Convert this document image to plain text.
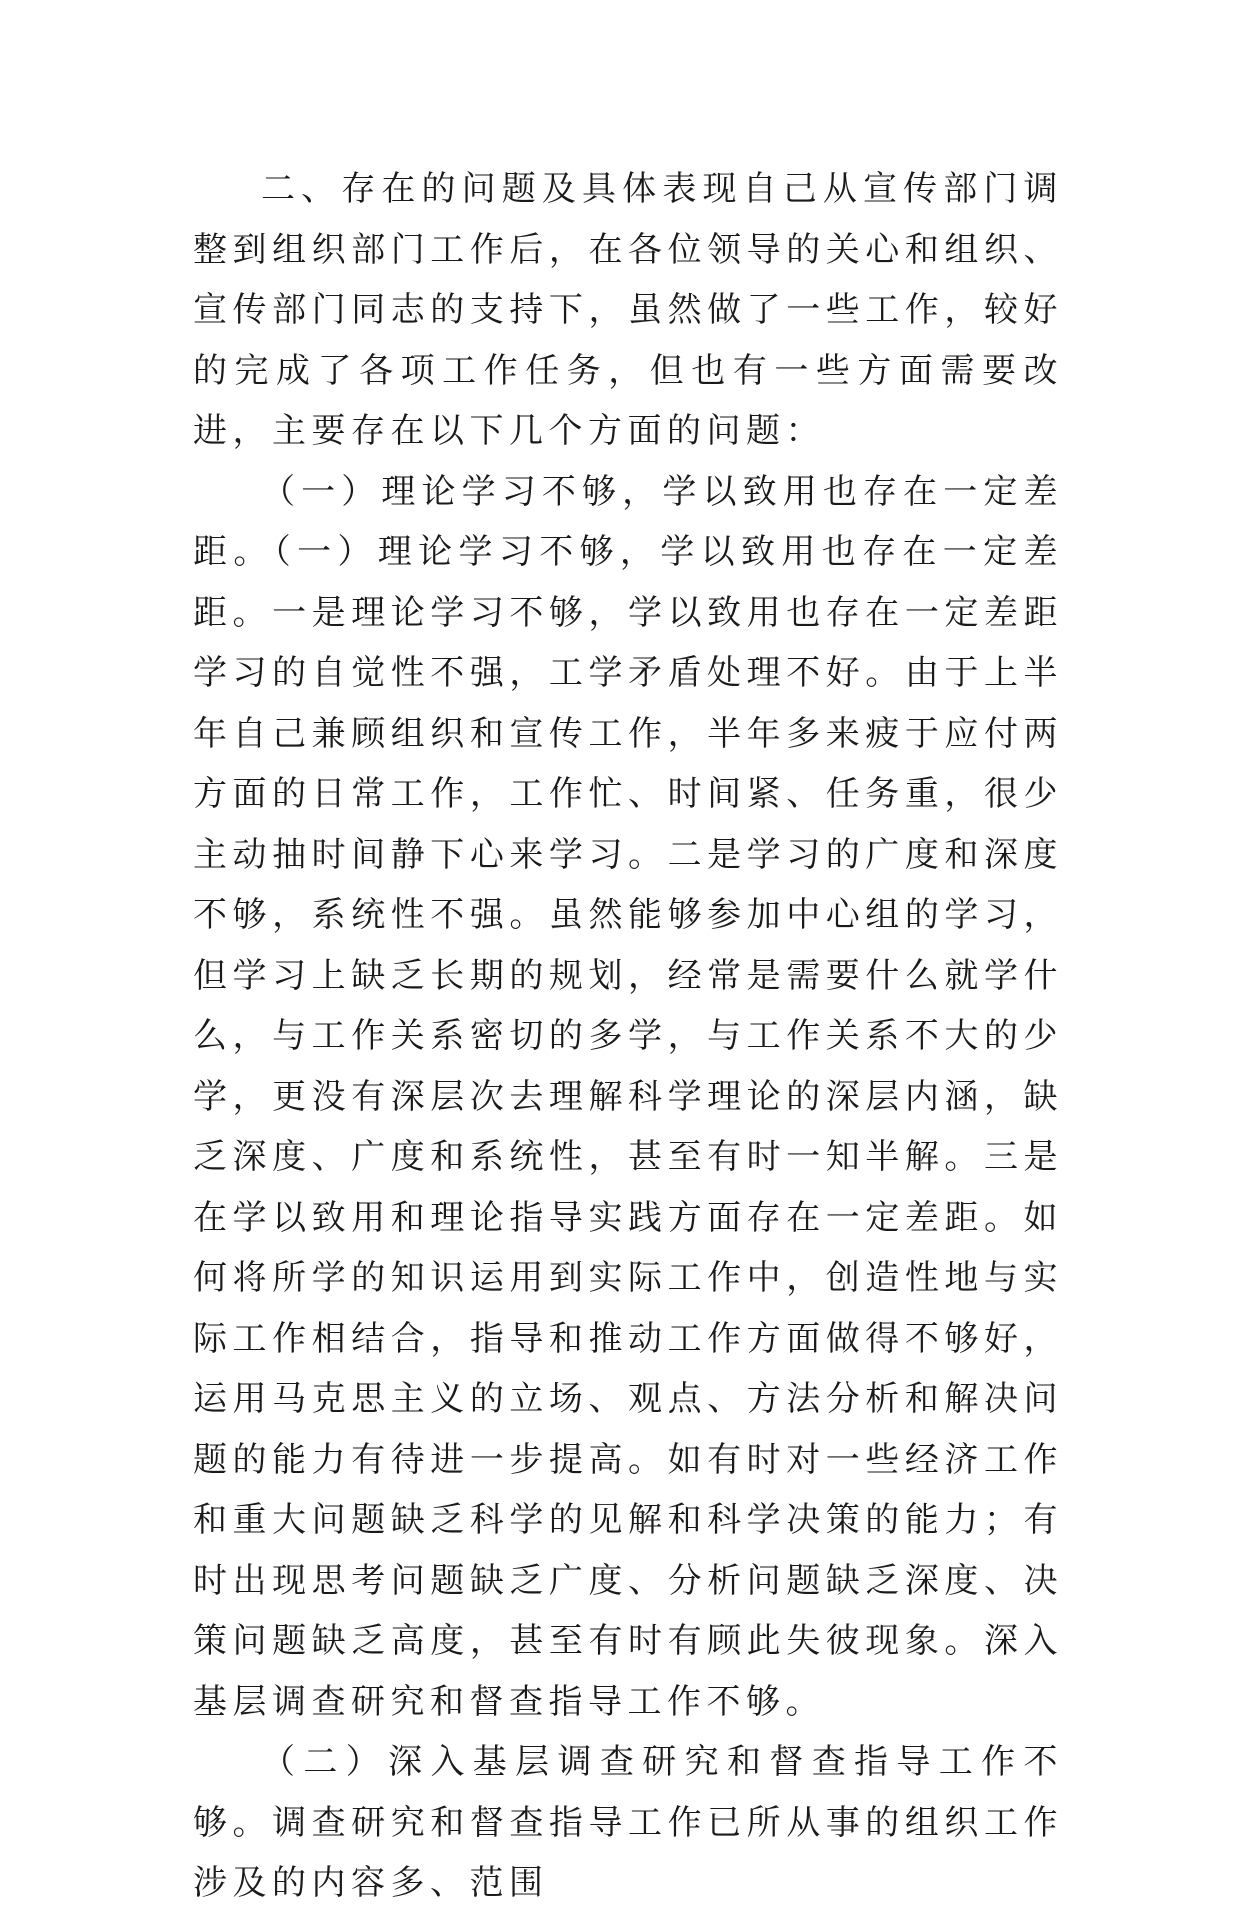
二、存在的问题及具体表现自己从宣传部门调整到组织部门工作后，在各位领导的关心和组织、宣传部门同志的支持下，虽然做了一些工作，较好的完成了各项工作任务，但也有一些方面需要改进，主要存在以下几个方面的问题：

（一）理论学习不够，学以致用也存在一定差距。（一）理论学习不够，学以致用也存在一定差距。一是理论学习不够，学以致用也存在一定差距学习的自觉性不强，工学矛盾处理不好。由于上半年自己兼顾组织和宣传工作，半年多来疲于应付两方面的日常工作，工作忙、时间紧、任务重，很少主动抽时间静下心来学习。二是学习的广度和深度不够，系统性不强。虽然能够参加中心组的学习，但学习上缺乏长期的规划，经常是需要什么就学什么，与工作关系密切的多学，与工作关系不大的少学，更没有深层次去理解科学理论的深层内涵，缺乏深度、广度和系统性，甚至有时一知半解。三是在学以致用和理论指导实践方面存在一定差距。如何将所学的知识运用到实际工作中，创造性地与实际工作相结合，指导和推动工作方面做得不够好，运用马克思主义的立场、观点、方法分析和解决问题的能力有待进一步提高。如有时对一些经济工作和重大问题缺乏科学的见解和科学决策的能力；有时出现思考问题缺乏广度、分析问题缺乏深度、决策问题缺乏高度，甚至有时有顾此失彼现象。深入基层调查研究和督查指导工作不够。

（二）深入基层调查研究和督查指导工作不够。调查研究和督查指导工作已所从事的组织工作涉及的内容多、范围
